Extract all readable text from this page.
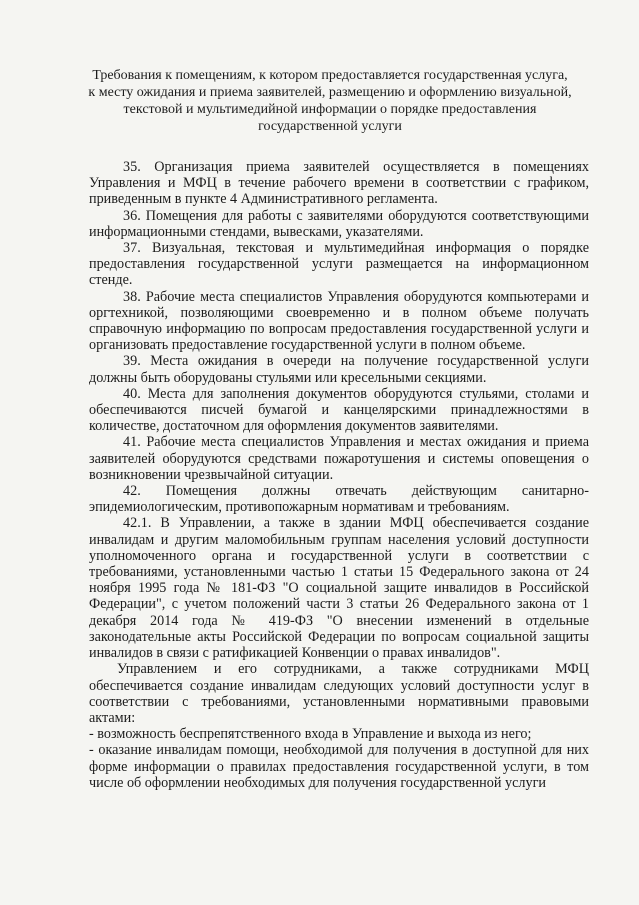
Требования к помещениям, к котором предоставляется государственная услуга,
к месту ожидания и приема заявителей, размещению и оформлению визуальной,
текстовой и мультимедийной информации о порядке предоставления
государственной услуги

35. Организация приема заявителей осуществляется в помещениях Управления и МФЦ в течение рабочего времени в соответствии с графиком, приведенным в пункте 4 Административного регламента.

36. Помещения для работы с заявителями оборудуются соответствующими информационными стендами, вывесками, указателями.

37. Визуальная, текстовая и мультимедийная информация о порядке предоставления государственной услуги размещается на информационном стенде.

38. Рабочие места специалистов Управления оборудуются компьютерами и оргтехникой, позволяющими своевременно и в полном объеме получать справочную информацию по вопросам предоставления государственной услуги и организовать предоставление государственной услуги в полном объеме.

39. Места ожидания в очереди на получение государственной услуги должны быть оборудованы стульями или кресельными секциями.

40. Места для заполнения документов оборудуются стульями, столами и обеспечиваются писчей бумагой и канцелярскими принадлежностями в количестве, достаточном для оформления документов заявителями.

41. Рабочие места специалистов Управления и местах ожидания и приема заявителей оборудуются средствами пожаротушения и системы оповещения о возникновении чрезвычайной ситуации.

42. Помещения должны отвечать действующим санитарно-эпидемиологическим, противопожарным нормативам и требованиям.

42.1. В Управлении, а также в здании МФЦ обеспечивается создание инвалидам и другим маломобильным группам населения условий доступности уполномоченного органа и государственной услуги в соответствии с требованиями, установленными частью 1 статьи 15 Федерального закона от 24 ноября 1995 года № 181-ФЗ "О социальной защите инвалидов в Российской Федерации", с учетом положений части 3 статьи 26 Федерального закона от 1 декабря 2014 года № 419-ФЗ "О внесении изменений в отдельные законодательные акты Российской Федерации по вопросам социальной защиты инвалидов в связи с ратификацией Конвенции о правах инвалидов".

Управлением и его сотрудниками, а также сотрудниками МФЦ обеспечивается создание инвалидам следующих условий доступности услуг в соответствии с требованиями, установленными нормативными правовыми актами:

- возможность беспрепятственного входа в Управление и выхода из него;

- оказание инвалидам помощи, необходимой для получения в доступной для них форме информации о правилах предоставления государственной услуги, в том числе об оформлении необходимых для получения государственной услуги
